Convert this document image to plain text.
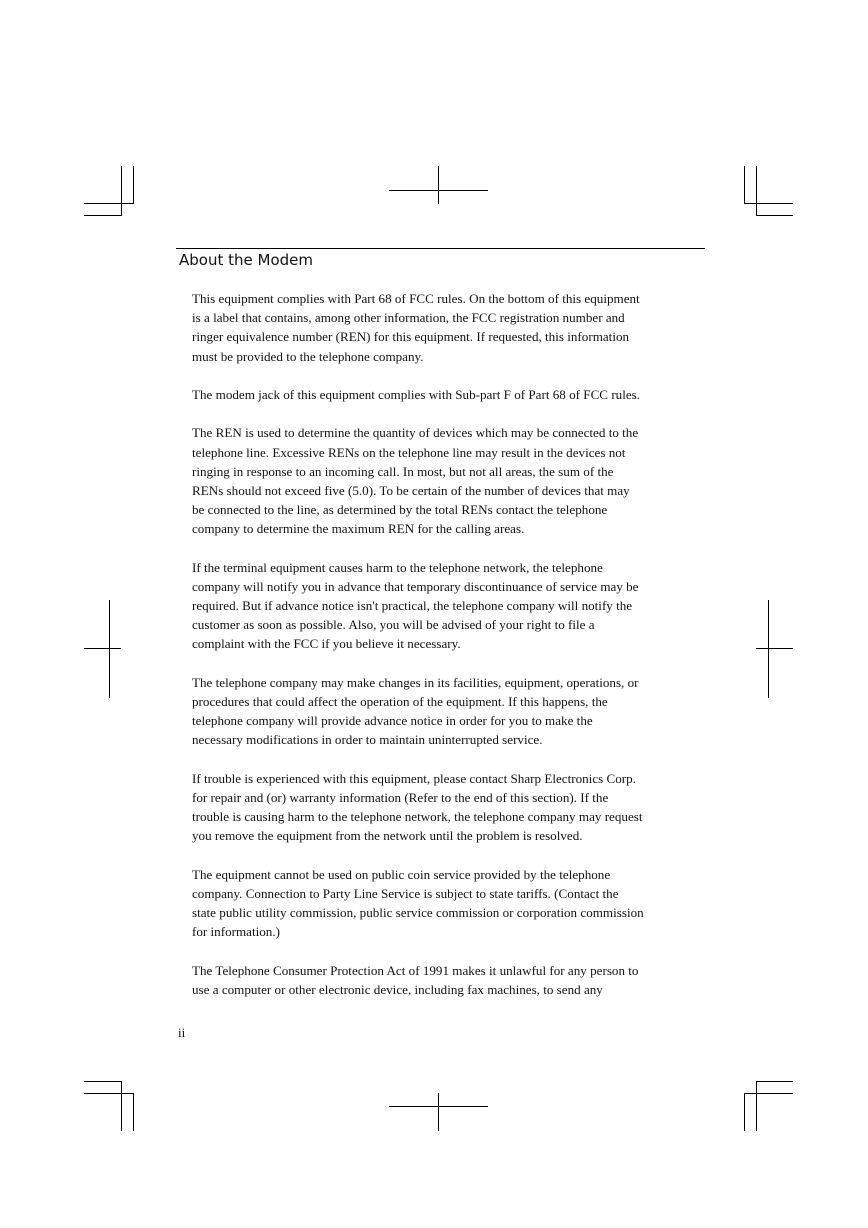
About the Modem
This equipment complies with Part 68 of FCC rules. On the bottom of this equipment
is a label that contains, among other information, the FCC registration number and
ringer equivalence number (REN) for this equipment. If requested, this information
must be provided to the telephone company.
The modem jack of this equipment complies with Sub-part F of Part 68 of FCC rules.
The REN is used to determine the quantity of devices which may be connected to the
telephone line. Excessive RENs on the telephone line may result in the devices not
ringing in response to an incoming call. In most, but not all areas, the sum of the
RENs should not exceed five (5.0). To be certain of the number of devices that may
be connected to the line, as determined by the total RENs contact the telephone
company to determine the maximum REN for the calling areas.
If the terminal equipment causes harm to the telephone network, the telephone
company will notify you in advance that temporary discontinuance of service may be
required. But if advance notice isn't practical, the telephone company will notify the
customer as soon as possible. Also, you will be advised of your right to file a
complaint with the FCC if you believe it necessary.
The telephone company may make changes in its facilities, equipment, operations, or
procedures that could affect the operation of the equipment. If this happens, the
telephone company will provide advance notice in order for you to make the
necessary modifications in order to maintain uninterrupted service.
If trouble is experienced with this equipment, please contact Sharp Electronics Corp.
for repair and (or) warranty information (Refer to the end of this section). If the
trouble is causing harm to the telephone network, the telephone company may request
you remove the equipment from the network until the problem is resolved.
The equipment cannot be used on public coin service provided by the telephone
company. Connection to Party Line Service is subject to state tariffs. (Contact the
state public utility commission, public service commission or corporation commission
for information.)
The Telephone Consumer Protection Act of 1991 makes it unlawful for any person to
use a computer or other electronic device, including fax machines, to send any
ii
